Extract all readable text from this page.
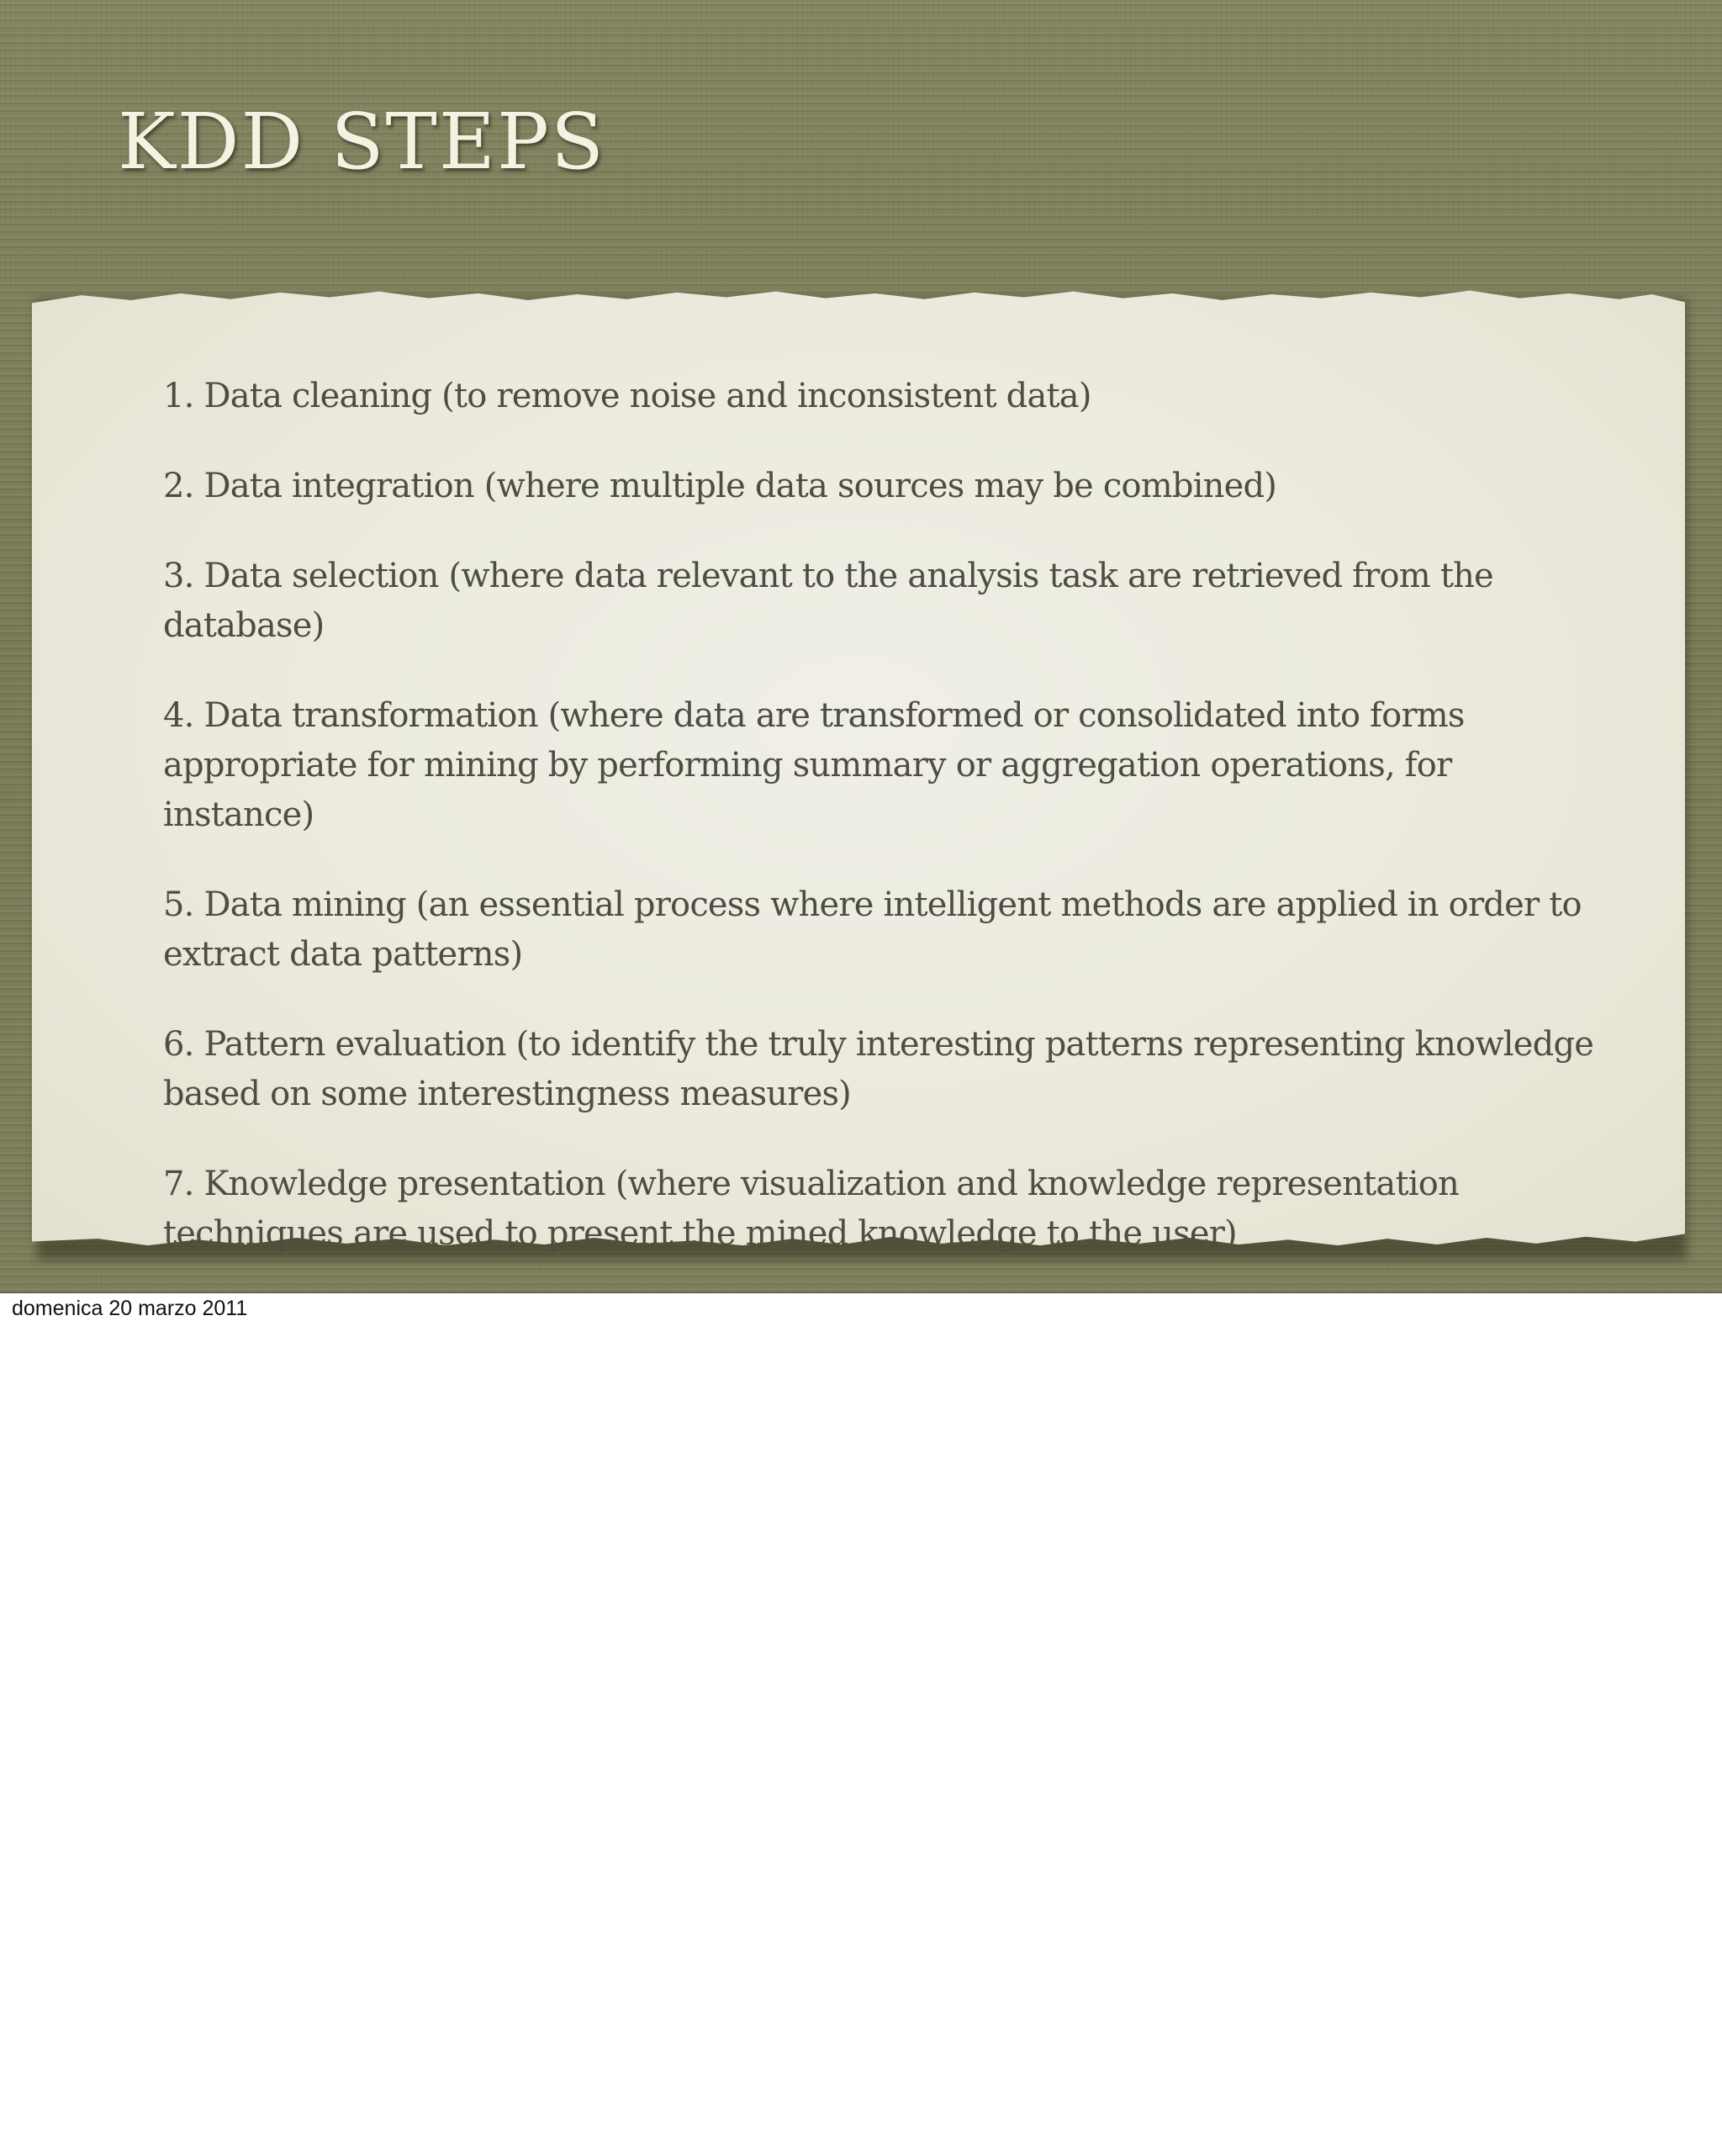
KDD STEPS
1. Data cleaning (to remove noise and inconsistent data)
2. Data integration (where multiple data sources may be combined)
3. Data selection (where data relevant to the analysis task are retrieved from the database)
4. Data transformation (where data are transformed or consolidated into forms appropriate for mining by performing summary or aggregation operations, for instance)
5. Data mining (an essential process where intelligent methods are applied in order to extract data patterns)
6. Pattern evaluation (to identify the truly interesting patterns representing knowledge based on some interestingness measures)
7. Knowledge presentation (where visualization and knowledge representation techniques are used to present the mined knowledge to the user)

domenica 20 marzo 2011
